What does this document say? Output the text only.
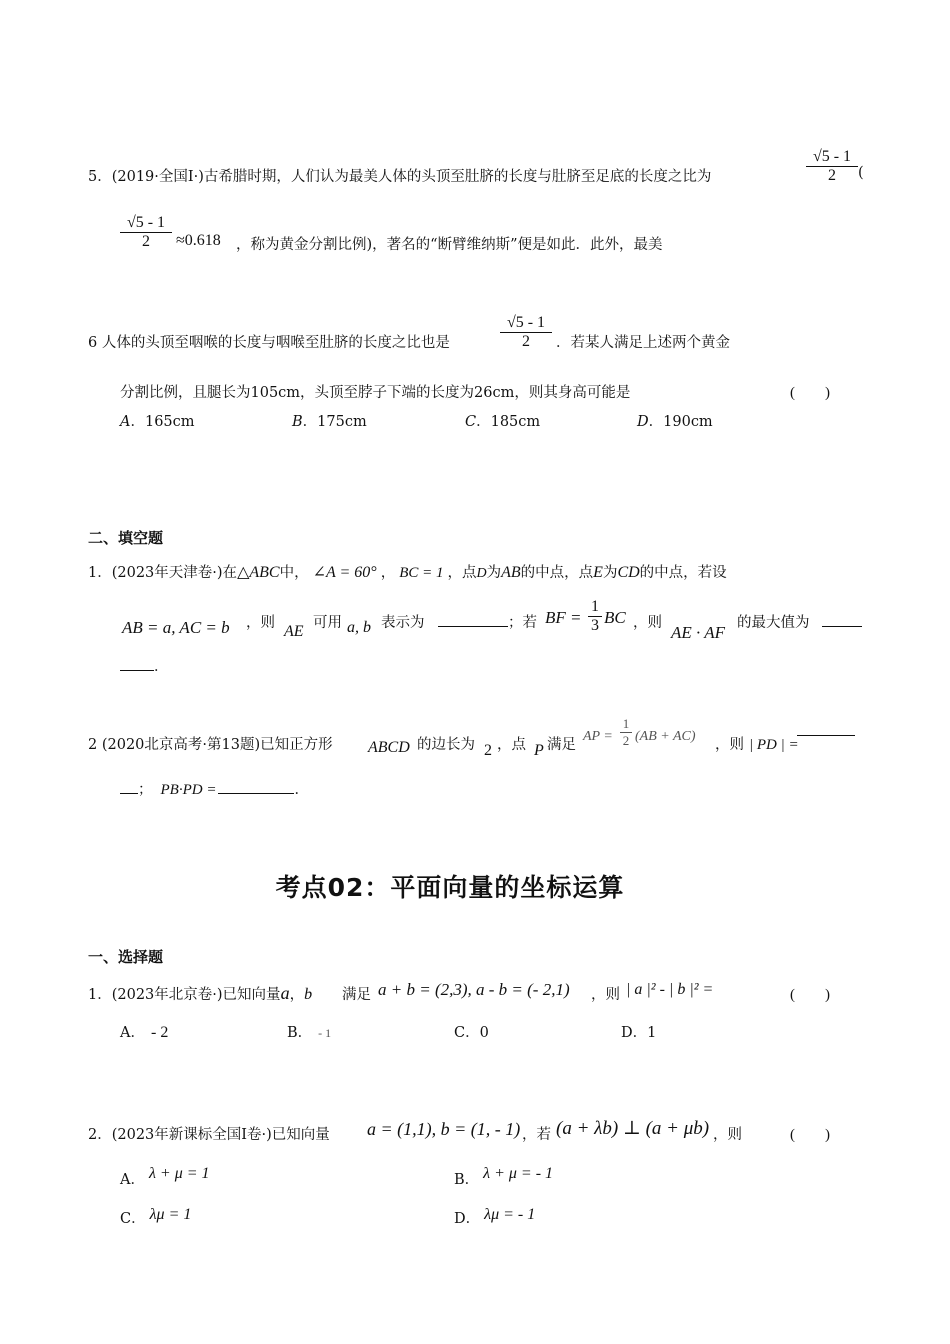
5．(2019·全国Ⅰ·)古希腊时期，人们认为最美人体的头顶至肚脐的长度与肚脐至足底的长度之比为
√5 - 1
2	(
√5 - 1
2	≈0.618 ，称为黄金分割比例)，著名的“断臂维纳斯”便是如此．此外，最美
6 人体的头顶至咽喉的长度与咽喉至肚脐的长度之比也是
√5 - 1
2	．若某人满足上述两个黄金
分割比例，且腿长为105cm，头顶至脖子下端的长度为26cm，则其身高可能是	(　　)
A．165cm	B．175cm	C．185cm	D．190cm
二、填空题
1．(2023年天津卷·)在△ABC中， ∠A = 60° ， BC = 1 ，点D为AB的中点，点E为CD的中点，若设
AB = a, AC = b ，则 AE 可用 a, b 表示为	；若 BF =
1
3 BC ，则 AE · AF 的最大值为
．
2 (2020北京高考·第13题)已知正方形 ABCD 的边长为 2 ，点 P 满足
AP =
1
2 (AB + AC)
，则 | PD | =
； PB·PD =	．
考点02：平面向量的坐标运算
一、选择题
1．(2023年北京卷·)已知向量a，b 满足 a + b = (2,3), a - b = (- 2,1) ，则 | a |² - | b |² =	(　　)
A． - 2	B． - 1	C．0	D．1
2．(2023年新课标全国Ⅰ卷·)已知向量 a = (1,1), b = (1, - 1) ，若 (a + λb) ⊥ (a + μb) ，则	(　　)
A． λ + μ = 1	B． λ + μ = - 1
C． λμ = 1	D． λμ = - 1
